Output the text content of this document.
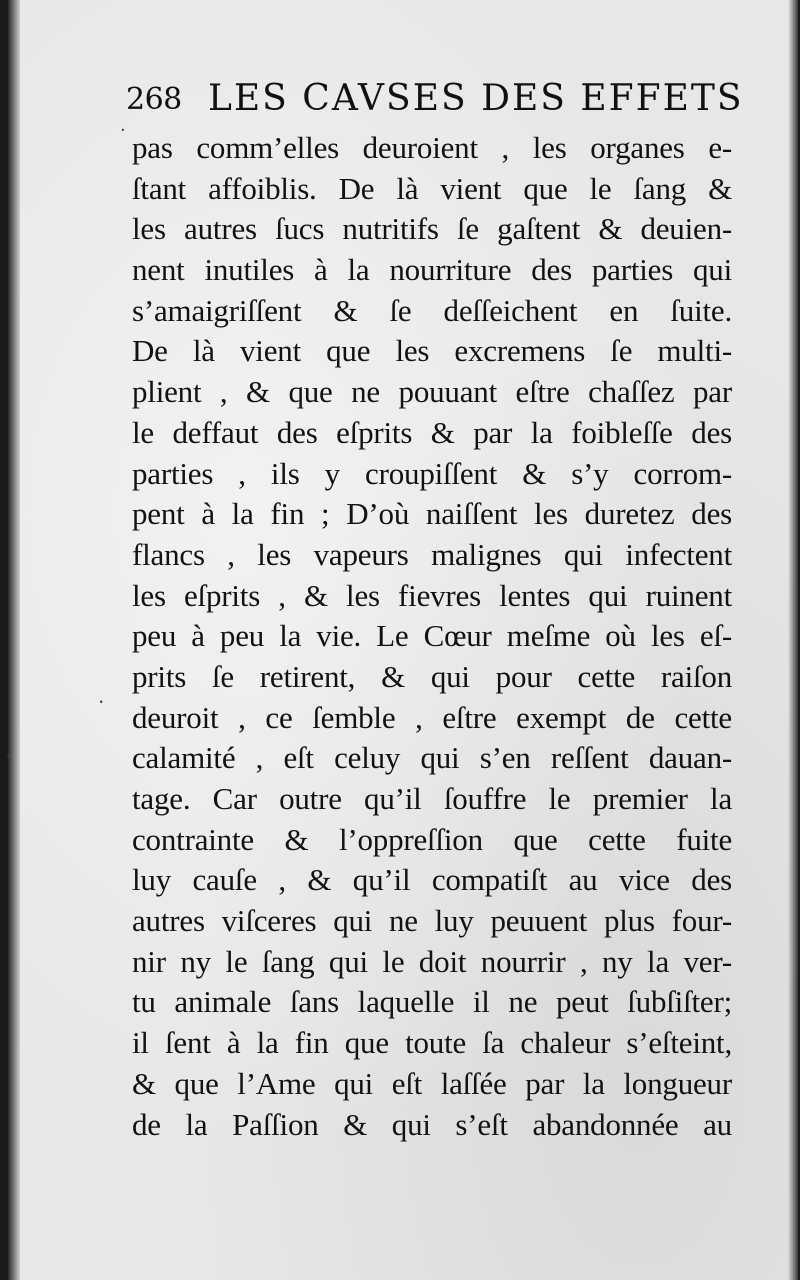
268 LES CAVSES DES EFFETS
·
·
‹
pas comm’elles deuroient , les organes e-
ſtant affoiblis. De là vient que le ſang &
les autres ſucs nutritifs ſe gaſtent & deuien-
nent inutiles à la nourriture des parties qui
s’amaigriſſent & ſe deſſeichent en ſuite.
De là vient que les excremens ſe multi-
plient , & que ne pouuant eſtre chaſſez par
le deffaut des eſprits & par la foibleſſe des
parties , ils y croupiſſent & s’y corrom-
pent à la fin ; D’où naiſſent les duretez des
flancs , les vapeurs malignes qui infectent
les eſprits , & les fievres lentes qui ruinent
peu à peu la vie. Le Cœur meſme où les eſ-
prits ſe retirent, & qui pour cette raiſon
deuroit , ce ſemble , eſtre exempt de cette
calamité , eſt celuy qui s’en reſſent dauan-
tage. Car outre qu’il ſouffre le premier la
contrainte & l’oppreſſion que cette fuite
luy cauſe , & qu’il compatiſt au vice des
autres viſceres qui ne luy peuuent plus four-
nir ny le ſang qui le doit nourrir , ny la ver-
tu animale ſans laquelle il ne peut ſubſiſter;
il ſent à la fin que toute ſa chaleur s’eſteint,
& que l’Ame qui eſt laſſée par la longueur
de la Paſſion & qui s’eſt abandonnée au
